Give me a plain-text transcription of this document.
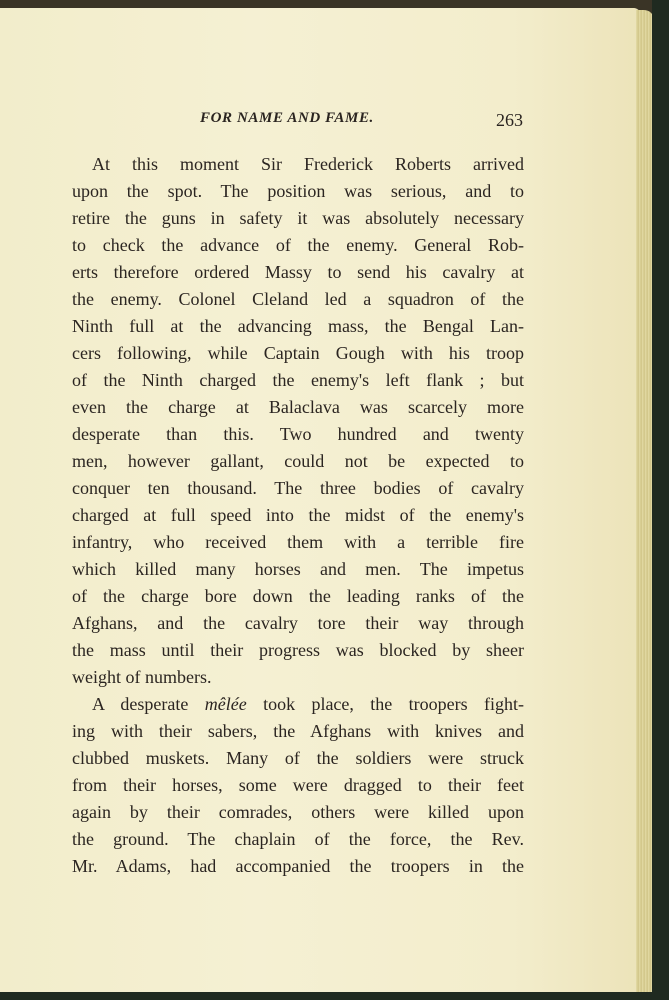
FOR NAME AND FAME.	263
At this moment Sir Frederick Roberts arrived
upon the spot. The position was serious, and to
retire the guns in safety it was absolutely necessary
to check the advance of the enemy. General Rob-
erts therefore ordered Massy to send his cavalry at
the enemy. Colonel Cleland led a squadron of the
Ninth full at the advancing mass, the Bengal Lan-
cers following, while Captain Gough with his troop
of the Ninth charged the enemy's left flank ; but
even the charge at Balaclava was scarcely more
desperate than this. Two hundred and twenty
men, however gallant, could not be expected to
conquer ten thousand. The three bodies of cavalry
charged at full speed into the midst of the enemy's
infantry, who received them with a terrible fire
which killed many horses and men. The impetus
of the charge bore down the leading ranks of the
Afghans, and the cavalry tore their way through
the mass until their progress was blocked by sheer
weight of numbers.
A desperate mêlée took place, the troopers fight-
ing with their sabers, the Afghans with knives and
clubbed muskets. Many of the soldiers were struck
from their horses, some were dragged to their feet
again by their comrades, others were killed upon
the ground. The chaplain of the force, the Rev.
Mr. Adams, had accompanied the troopers in the
